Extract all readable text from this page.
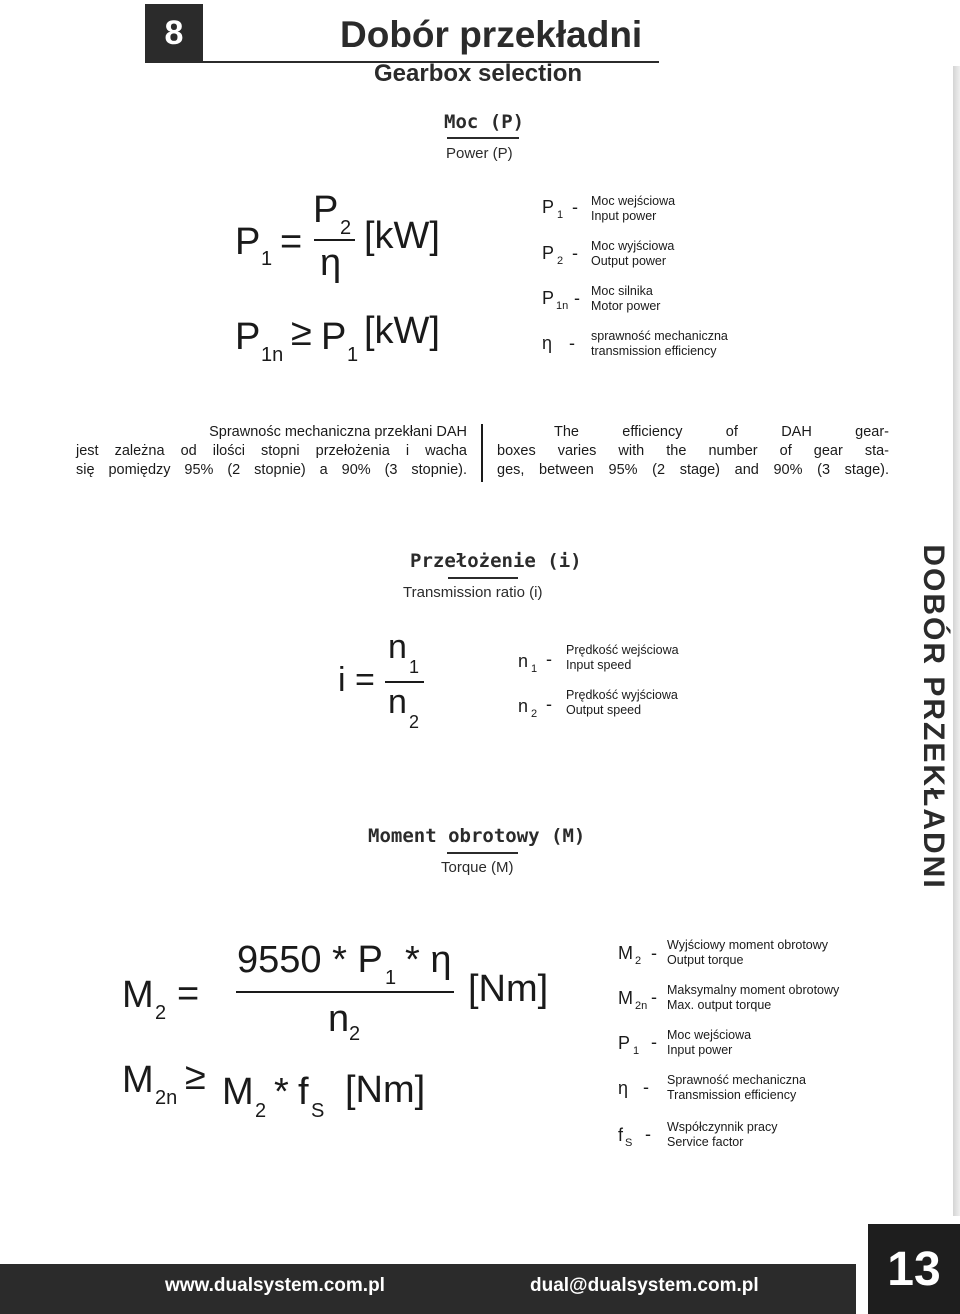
8	Dobór przekładni
Gearbox selection
Moc (P)
Power (P)
P 1 =
P 2
η
[kW]
P 1n
≥ P 1
[kW]
P $_1$ - Moc wejściowa
Input power
P $_2$ - Moc wyjściowa
Output power
P $_{1n}$ - Moc silnika
Motor power
η - sprawność mechaniczna
transmission efficiency
Sprawnośc mechaniczna przekłani DAH
jest zależna od ilości stopni przełożenia i wacha
się pomiędzy 95% (2 stopnie) a 90% (3 stopnie).
The efficiency of DAH gear-
boxes varies with the number of gear sta-
ges, between 95% (2 stage) and 90% (3 stage).
Przełożenie (i)
Transmission ratio (i)
i =
n
1
n
2
n $_1$ - Prędkość wejściowa
Input speed
n $_2$ - Prędkość wyjściowa
Output speed
Moment obrotowy (M)
Torque (M)
M 2 =
9550 * P 1 * η
n 2
[Nm]
M 2n ≥ M 2 * f S [Nm]
M $_2$ - Wyjściowy moment obrotowy
Output torque
M $_{2n}$ - Maksymalny moment obrotowy
Max. output torque
P $_1$ - Moc wejściowa
Input power
η - Sprawność mechaniczna
Transmission efficiency
f $_S$ - Współczynnik pracy
Service factor
DOBÓR PRZEKŁADNI
www.dualsystem.com.pl	dual@dualsystem.com.pl	13
